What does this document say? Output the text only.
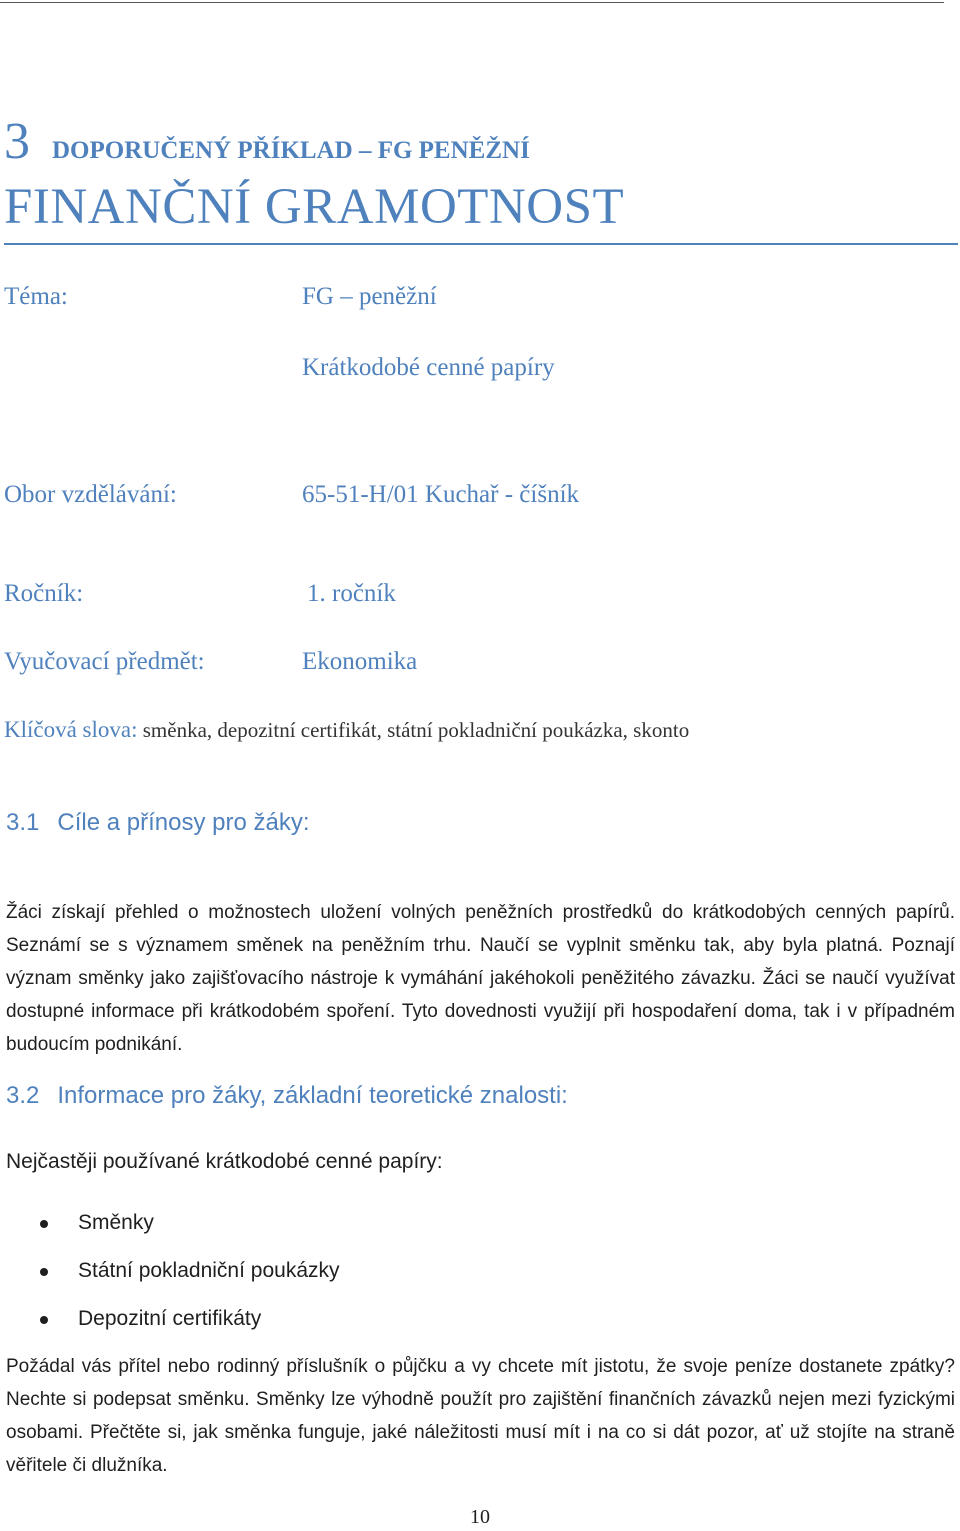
3 DOPORUČENÝ PŘÍKLAD – FG PENĚŽNÍ
FINANČNÍ GRAMOTNOST
Téma:	FG – peněžní
Krátkodobé cenné papíry
Obor vzdělávání:	65-51-H/01 Kuchař - číšník
Ročník:	1. ročník
Vyučovací předmět:	Ekonomika
Klíčová slova: směnka, depozitní certifikát, státní pokladniční poukázka, skonto
3.1 Cíle a přínosy pro žáky:
Žáci získají přehled o možnostech uložení volných peněžních prostředků do krátkodobých cenných papírů. Seznámí se s významem směnek na peněžním trhu. Naučí se vyplnit směnku tak, aby byla platná. Poznají význam směnky jako zajišťovacího nástroje k vymáhání jakéhokoli peněžitého závazku. Žáci se naučí využívat dostupné informace při krátkodobém spoření. Tyto dovednosti využijí při hospodaření doma, tak i v případném budoucím podnikání.
3.2 Informace pro žáky, základní teoretické znalosti:
Nejčastěji používané krátkodobé cenné papíry:
Směnky
Státní pokladniční poukázky
Depozitní certifikáty
Požádal vás přítel nebo rodinný příslušník o půjčku a vy chcete mít jistotu, že svoje peníze dostanete zpátky? Nechte si podepsat směnku. Směnky lze výhodně použít pro zajištění finančních závazků nejen mezi fyzickými osobami. Přečtěte si, jak směnka funguje, jaké náležitosti musí mít i na co si dát pozor, ať už stojíte na straně věřitele či dlužníka.
10
